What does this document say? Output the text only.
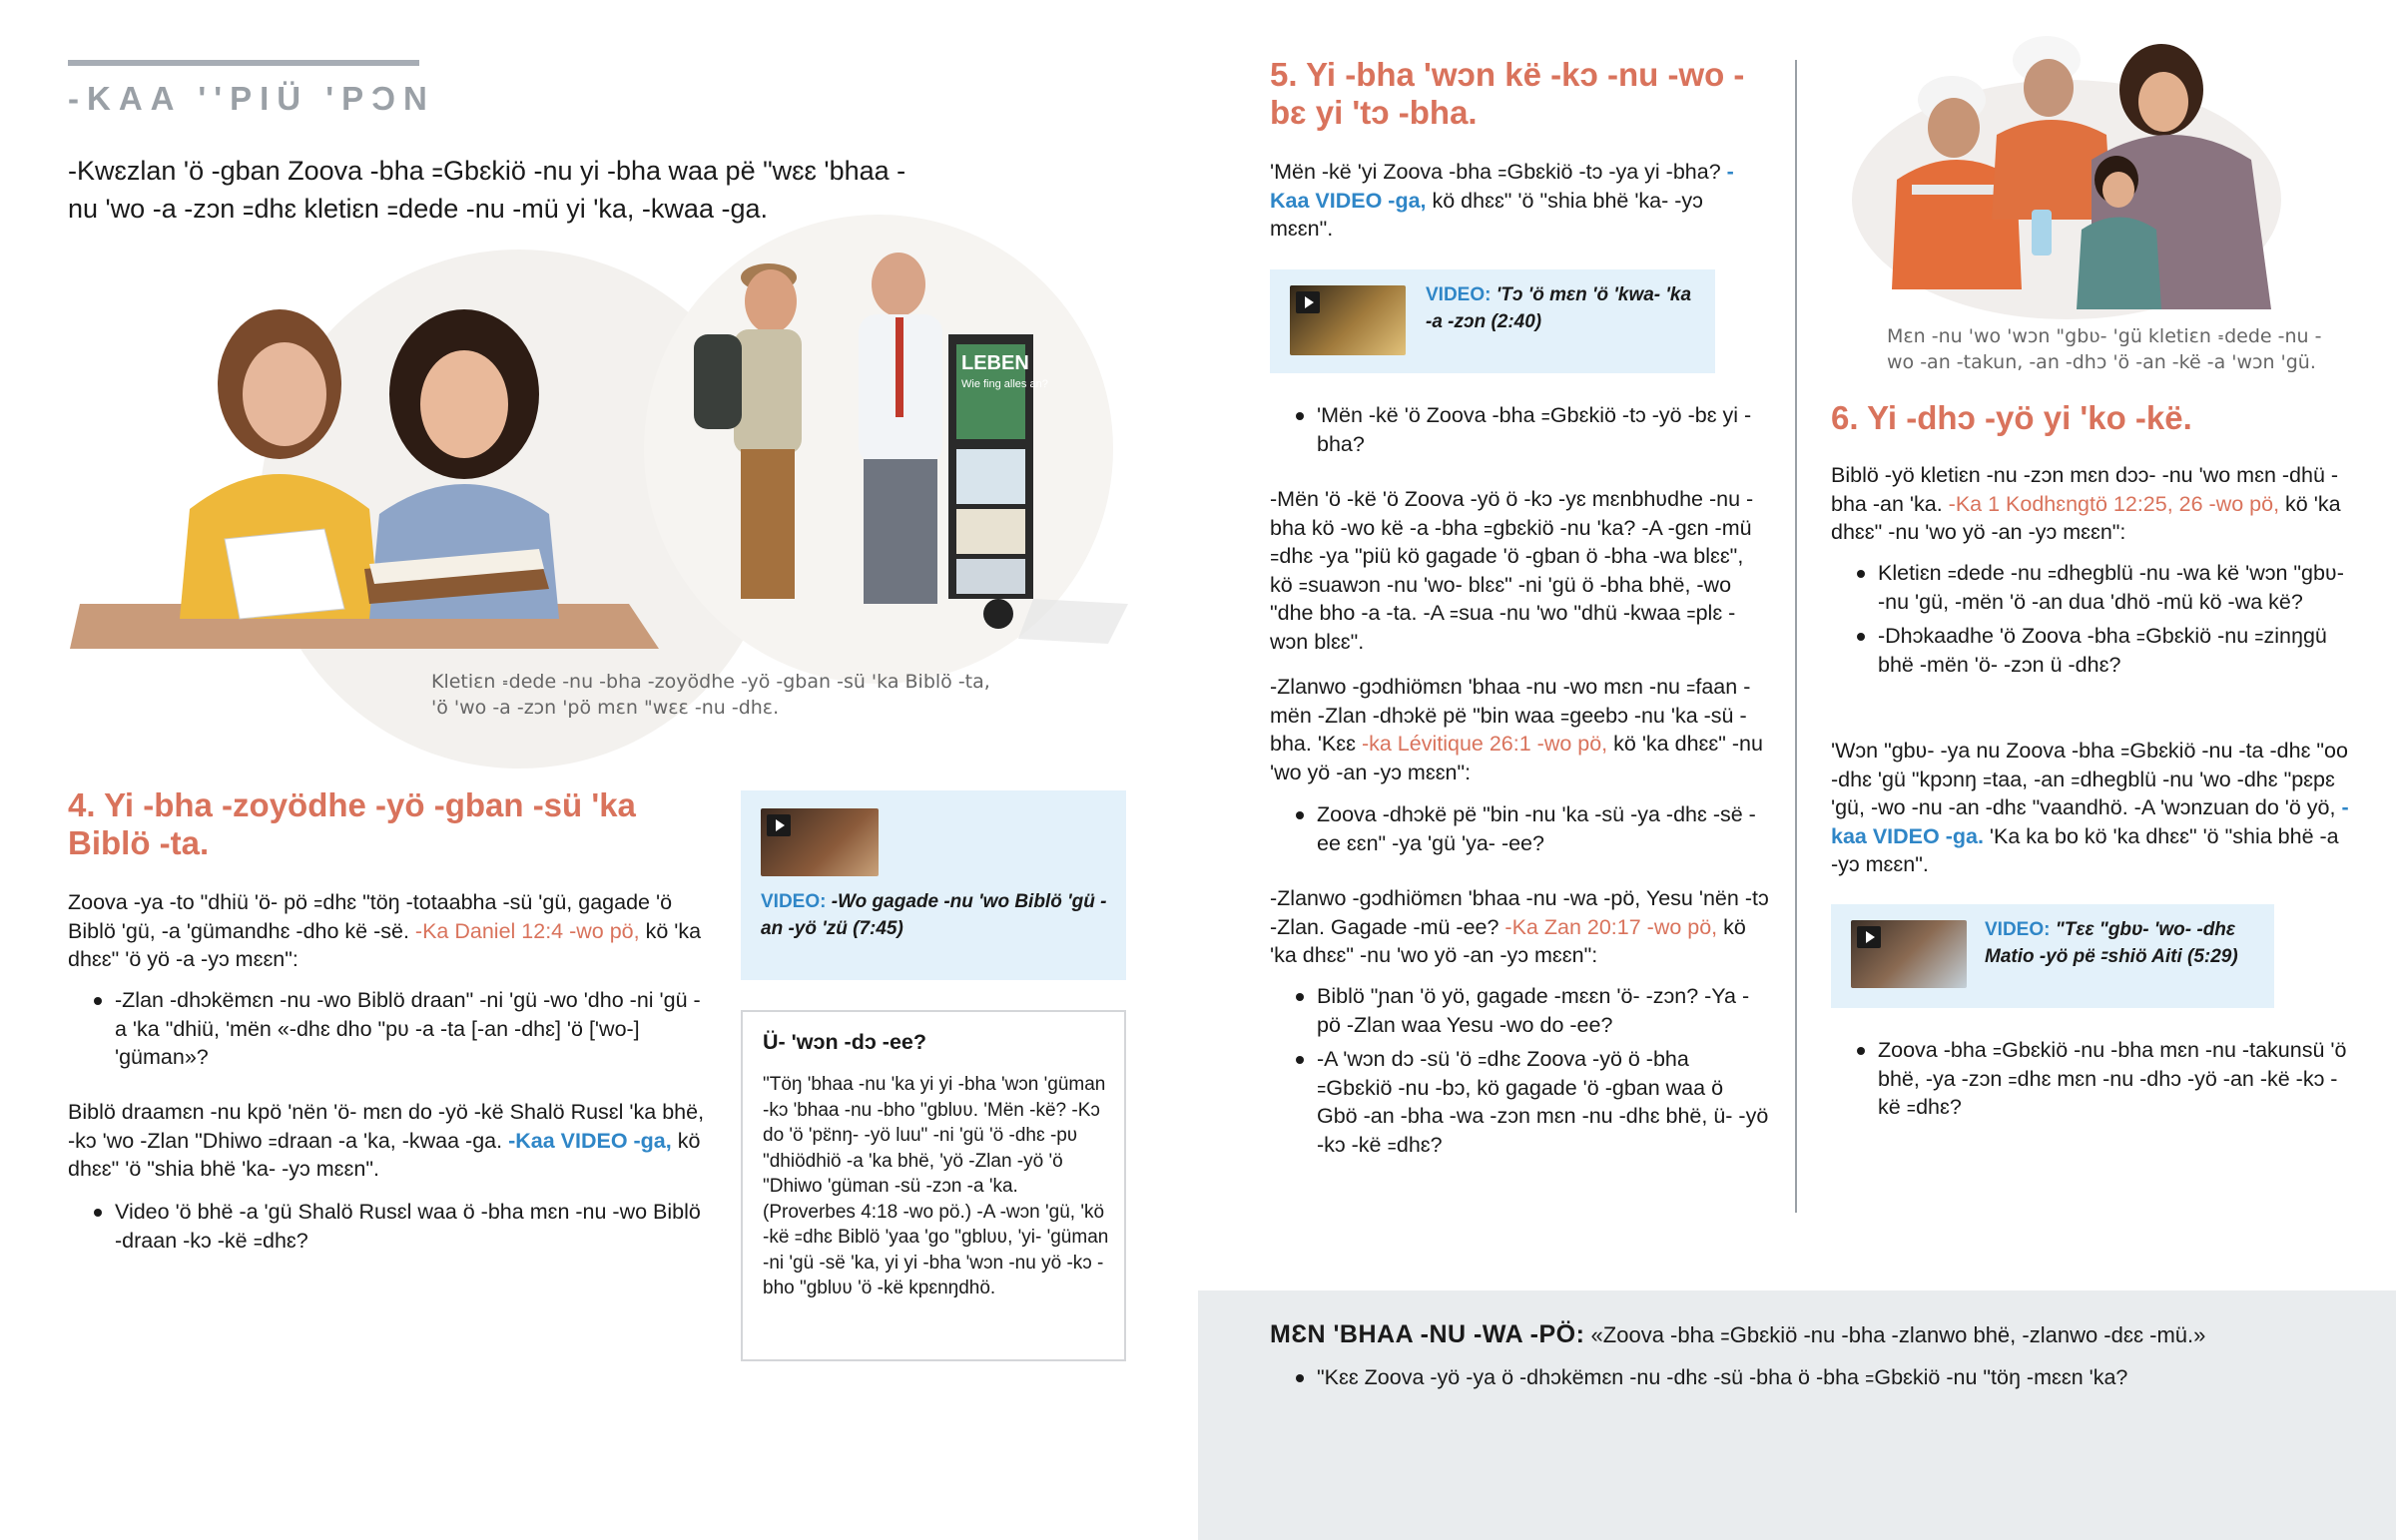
-KAA ''PIÜ 'PƆN
-Kwɛzlan 'ö -gban Zoova -bha ꞊Gbɛkiö -nu yi -bha waa pë "wɛɛ 'bhaa -nu 'wo -a -zɔn ꞊dhɛ kletiɛn ꞊dede -nu -mü yi 'ka, -kwaa -ga.
LEBEN
Wie fing alles an?
Kletiɛn ꞊dede -nu -bha -zoyödhe -yö -gban -sü 'ka Biblö -ta, 'ö 'wo -a -zɔn 'pö mɛn "wɛɛ -nu -dhɛ.
4. Yi -bha -zoyödhe -yö -gban -sü 'ka Biblö -ta.
Zoova -ya -to "dhiü 'ö- pö ꞊dhɛ "töŋ -totaabha -sü 'gü, gagade 'ö Biblö 'gü, -a 'gümandhɛ -dho kë -së. -Ka Daniel 12:4 -wo pö, kö 'ka dhɛɛ" 'ö yö -a -yɔ mɛɛn":
-Zlan -dhɔkëmɛn -nu -wo Biblö draan" -ni 'gü -wo 'dho -ni 'gü -a 'ka "dhiü, 'mën «-dhɛ dho "pʋ -a -ta [-an -dhɛ] 'ö ['wo-] 'güman»?
Biblö draamɛn -nu kpö 'nën 'ö- mɛn do -yö -kë Shalö Rusɛl 'ka bhë, -kɔ 'wo -Zlan "Dhiwo ꞊draan -a 'ka, -kwaa -ga. -Kaa VIDEO -ga, kö dhɛɛ" 'ö "shia bhë 'ka- -yɔ mɛɛn".
Video 'ö bhë -a 'gü Shalö Rusɛl waa ö -bha mɛn -nu -wo Biblö -draan -kɔ -kë ꞊dhɛ?
VIDEO: -Wo gagade -nu 'wo Biblö 'gü -an -yö 'zü (7:45)
Ü- 'wɔn -dɔ -ee?
"Töŋ 'bhaa -nu 'ka yi yi -bha 'wɔn 'güman -kɔ 'bhaa -nu -bho "gblʋʋ. 'Mën -kë? -Kɔ do 'ö 'pɛ̈nŋ- -yö luu" -ni 'gü 'ö -dhɛ -pʋ "dhiödhiö -a 'ka bhë, 'yö -Zlan -yö 'ö "Dhiwo 'güman -sü -zɔn -a 'ka. (Proverbes 4:18 -wo pö.) -A -wɔn 'gü, 'kö -kë ꞊dhɛ Biblö 'yaa 'go "gblʋʋ, 'yi- 'güman -ni 'gü -së 'ka, yi yi -bha 'wɔn -nu yö -kɔ -bho "gblʋʋ 'ö -kë kpɛnŋdhö.
5. Yi -bha 'wɔn kë -kɔ -nu -wo -bɛ yi 'tɔ -bha.
'Mën -kë 'yi Zoova -bha ꞊Gbɛkiö -tɔ -ya yi -bha? -Kaa VIDEO -ga, kö dhɛɛ" 'ö "shia bhë 'ka- -yɔ mɛɛn".
VIDEO: 'Tɔ 'ö mɛn 'ö 'kwa- 'ka -a -zɔn (2:40)
'Mën -kë 'ö Zoova -bha ꞊Gbɛkiö -tɔ -yö -bɛ yi -bha?
-Mën 'ö -kë 'ö Zoova -yö ö -kɔ -yɛ mɛnbhʋdhe -nu -bha kö -wo kë -a -bha ꞊gbɛkiö -nu 'ka? -A -gɛn -mü ꞊dhɛ -ya "piü kö gagade 'ö -gban ö -bha -wa blɛɛ", kö ꞊suawɔn -nu 'wo- blɛɛ" -ni 'gü ö -bha bhë, -wo "dhe bho -a -ta. -A ꞊sua -nu 'wo "dhü -kwaa ꞊plɛ -wɔn blɛɛ".
-Zlanwo -gɔdhiömɛn 'bhaa -nu -wo mɛn -nu ꞊faan -mën -Zlan -dhɔkë pë "bin waa ꞊geebɔ -nu 'ka -sü -bha. 'Kɛɛ -ka Lévitique 26:1 -wo pö, kö 'ka dhɛɛ" -nu 'wo yö -an -yɔ mɛɛn":
Zoova -dhɔkë pë "bin -nu 'ka -sü -ya -dhɛ -së -ee ɛɛn" -ya 'gü 'ya- -ee?
-Zlanwo -gɔdhiömɛn 'bhaa -nu -wa -pö, Yesu 'nën -tɔ -Zlan. Gagade -mü -ee? -Ka Zan 20:17 -wo pö, kö 'ka dhɛɛ" -nu 'wo yö -an -yɔ mɛɛn":
Biblö "ɲan 'ö yö, gagade -mɛɛn 'ö- -zɔn? -Ya -pö -Zlan waa Yesu -wo do -ee?
-A 'wɔn dɔ -sü 'ö ꞊dhɛ Zoova -yö ö -bha ꞊Gbɛkiö -nu -bɔ, kö gagade 'ö -gban waa ö Gbö -an -bha -wa -zɔn mɛn -nu -dhɛ bhë, ü- -yö -kɔ -kë ꞊dhɛ?
Mɛn -nu 'wo 'wɔn "gbʋ- 'gü kletiɛn ꞊dede -nu -wo -an -takun, -an -dhɔ 'ö -an -kë -a 'wɔn 'gü.
6. Yi -dhɔ -yö yi 'ko -kë.
Biblö -yö kletiɛn -nu -zɔn mɛn dɔɔ- -nu 'wo mɛn -dhü -bha -an 'ka. -Ka 1 Kodhɛngtö 12:25, 26 -wo pö, kö 'ka dhɛɛ" -nu 'wo yö -an -yɔ mɛɛn":
Kletiɛn ꞊dede -nu ꞊dhegblü -nu -wa kë 'wɔn "gbʋ- -nu 'gü, -mën 'ö -an dua 'dhö -mü kö -wa kë?
-Dhɔkaadhe 'ö Zoova -bha ꞊Gbɛkiö -nu ꞊zinŋgü bhë -mën 'ö- -zɔn ü -dhɛ?
'Wɔn "gbʋ- -ya nu Zoova -bha ꞊Gbɛkiö -nu -ta -dhɛ "oo -dhɛ 'gü "kpɔnŋ ꞊taa, -an ꞊dhegblü -nu 'wo -dhɛ "pɛpɛ 'gü, -wo -nu -an -dhɛ "vaandhö. -A 'wɔnzuan do 'ö yö, -kaa VIDEO -ga. 'Ka ka bo kö 'ka dhɛɛ" 'ö "shia bhë -a -yɔ mɛɛn".
VIDEO: "Tɛɛ "gbʋ- 'wo- -dhɛ Matio -yö pë ꞊shiö Aiti (5:29)
Zoova -bha ꞊Gbɛkiö -nu -bha mɛn -nu -takunsü 'ö bhë, -ya -zɔn ꞊dhɛ mɛn -nu -dhɔ -yö -an -kë -kɔ -kë ꞊dhɛ?
MƐN 'BHAA -NU -WA -PÖ: «Zoova -bha ꞊Gbɛkiö -nu -bha -zlanwo bhë, -zlanwo -dɛɛ -mü.»
"Kɛɛ Zoova -yö -ya ö -dhɔkëmɛn -nu -dhɛ -sü -bha ö -bha ꞊Gbɛkiö -nu "töŋ -mɛɛn 'ka?
